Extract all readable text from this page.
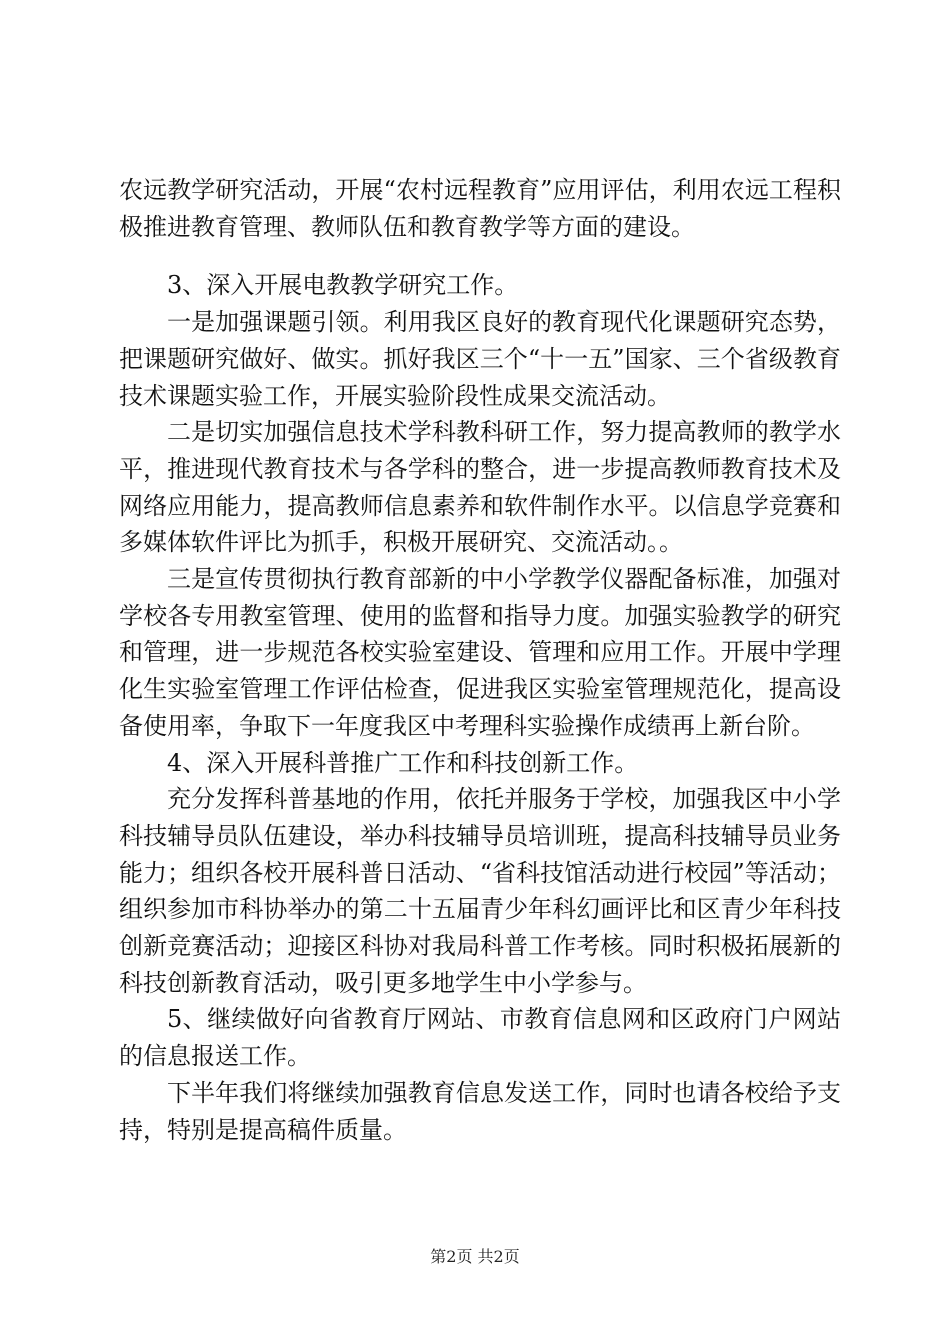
农远教学研究活动，开展“农村远程教育”应用评估，利用农远工程积极推进教育管理、教师队伍和教育教学等方面的建设。

3、深入开展电教教学研究工作。

一是加强课题引领。利用我区良好的教育现代化课题研究态势，把课题研究做好、做实。抓好我区三个“十一五”国家、三个省级教育技术课题实验工作，开展实验阶段性成果交流活动。

二是切实加强信息技术学科教科研工作，努力提高教师的教学水平，推进现代教育技术与各学科的整合，进一步提高教师教育技术及网络应用能力，提高教师信息素养和软件制作水平。以信息学竞赛和多媒体软件评比为抓手，积极开展研究、交流活动。。

三是宣传贯彻执行教育部新的中小学教学仪器配备标准，加强对学校各专用教室管理、使用的监督和指导力度。加强实验教学的研究和管理，进一步规范各校实验室建设、管理和应用工作。开展中学理化生实验室管理工作评估检查，促进我区实验室管理规范化，提高设备使用率，争取下一年度我区中考理科实验操作成绩再上新台阶。

4、深入开展科普推广工作和科技创新工作。

充分发挥科普基地的作用，依托并服务于学校，加强我区中小学科技辅导员队伍建设，举办科技辅导员培训班，提高科技辅导员业务能力；组织各校开展科普日活动、“省科技馆活动进行校园”等活动；组织参加市科协举办的第二十五届青少年科幻画评比和区青少年科技创新竞赛活动；迎接区科协对我局科普工作考核。同时积极拓展新的科技创新教育活动，吸引更多地学生中小学参与。

5、继续做好向省教育厅网站、市教育信息网和区政府门户网站的信息报送工作。

下半年我们将继续加强教育信息发送工作，同时也请各校给予支持，特别是提高稿件质量。

第2页 共2页
